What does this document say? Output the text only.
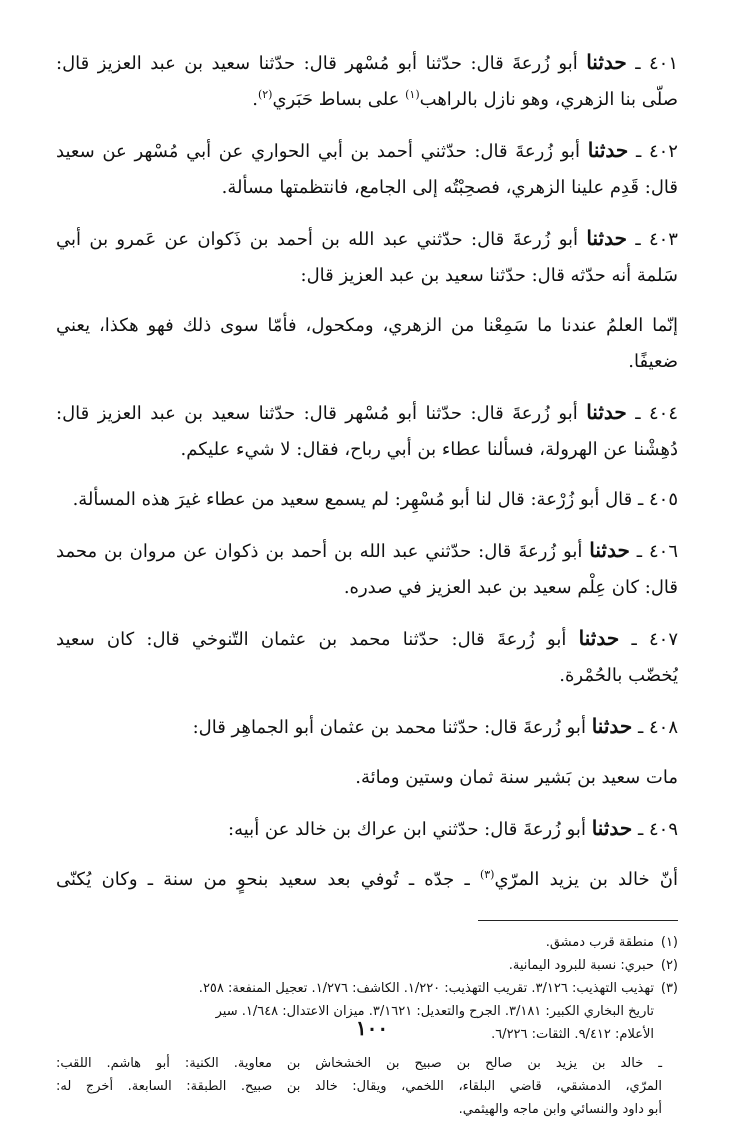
٤٠١ ـ حدثنا أبو زُرعةَ قال: حدّثنا أبو مُسْهر قال: حدّثنا سعيد بن عبد العزيز قال:
صلّى بنا الزهري، وهو نازل بالراهب$^{(١)}$ على بساط حَبَري$^{(٢)}$.
٤٠٢ ـ حدثنا أبو زُرعةَ قال: حدّثني أحمد بن أبي الحواري عن أبي مُسْهر عن سعيد
قال: قَدِم علينا الزهري، فصحِبْتُه إلى الجامع، فانتظمتها مسألة.
٤٠٣ ـ حدثنا أبو زُرعةَ قال: حدّثني عبد الله بن أحمد بن ذَكوان عن عَمرو بن أبي
سَلمة أنه حدّثه قال: حدّثنا سعيد بن عبد العزيز قال:
إنّما العلمُ عندنا ما سَمِعْنا من الزهري، ومكحول، فأمّا سوى ذلك فهو هكذا، يعني
ضعيفًا.
٤٠٤ ـ حدثنا أبو زُرعةَ قال: حدّثنا أبو مُسْهر قال: حدّثنا سعيد بن عبد العزيز قال:
دُهِشْنا عن الهرولة، فسألنا عطاء بن أبي رباح، فقال: لا شيء عليكم.
٤٠٥ ـ قال أبو زُرْعة: قال لنا أبو مُسْهِر: لم يسمع سعيد من عطاء غيرَ هذه المسألة.
٤٠٦ ـ حدثنا أبو زُرعةَ قال: حدّثني عبد الله بن أحمد بن ذكوان عن مروان بن محمد
قال: كان عِلْم سعيد بن عبد العزيز في صدره.
٤٠٧ ـ حدثنا أبو زُرعةَ قال: حدّثنا محمد بن عثمان التّنوخي قال: كان سعيد
يُخضّب بالحُمْرة.
٤٠٨ ـ حدثنا أبو زُرعةَ قال: حدّثنا محمد بن عثمان أبو الجماهِر قال:
مات سعيد بن بَشير سنة ثمان وستين ومائة.
٤٠٩ ـ حدثنا أبو زُرعةَ قال: حدّثني ابن عراك بن خالد عن أبيه:
أنّ خالد بن يزيد المرّي$^{(٣)}$ ـ جدّه ـ تُوفي بعد سعيد بنحوٍ من سنة ـ وكان يُكنّى
(١)منطقة قرب دمشق.
(٢)حبري: نسبة للبرود اليمانية.
(٣)تهذيب التهذيب: ٣/١٢٦. تقريب التهذيب: ١/٢٢٠. الكاشف: ١/٢٧٦. تعجيل المنفعة: ٢٥٨.
تاريخ البخاري الكبير: ٣/١٨١. الجرح والتعديل: ٣/١٦٢١. ميزان الاعتدال: ١/٦٤٨. سير
الأعلام: ٩/٤١٢. الثقات: ٦/٢٢٦.
ـ خالد بن يزيد بن صالح بن صبيح بن الخشخاش بن معاوية. الكنية: أبو هاشم. اللقب:
المرّي، الدمشقي، قاضي البلقاء، اللخمي، ويقال: خالد بن صبيح. الطبقة: السابعة. أخرج له:
أبو داود والنسائي وابن ماجه والهيثمي.
١٠٠
